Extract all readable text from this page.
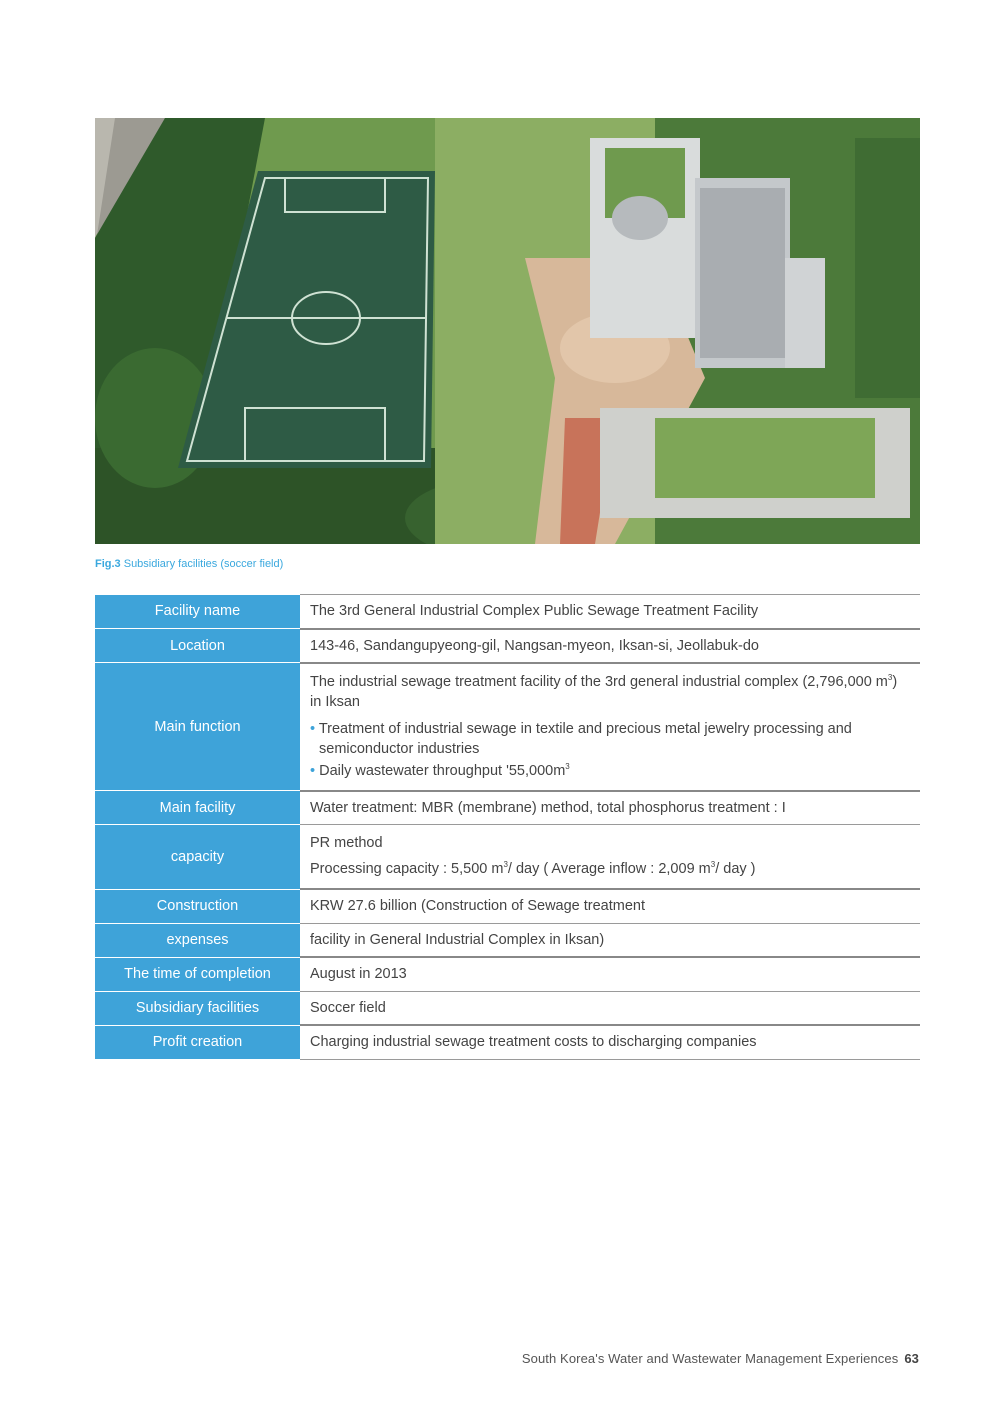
Fig.3 Subsidiary facilities (soccer field)
Facility name	The 3rd General Industrial Complex Public Sewage Treatment Facility
Location	143-46, Sandangupyeong-gil, Nangsan-myeon, Iksan-si, Jeollabuk-do
Main function	The industrial sewage treatment facility of the 3rd general industrial complex (2,796,000 $m^3$) in Iksan
• Treatment of industrial sewage in textile and precious metal jewelry processing and semiconductor industries
• Daily wastewater throughput '$55,000m^3$

Main facility	Water treatment: MBR (membrane) method, total phosphorus treatment : I
capacity	PR method
Processing capacity : 5,500 $m^3/$ day ( Average inflow : 2,009 $m^3/$ day )
Construction	KRW 27.6 billion (Construction of Sewage treatment
expenses	facility in General Industrial Complex in Iksan)
The time of completion	August in 2013
Subsidiary facilities	Soccer field
Profit creation	Charging industrial sewage treatment costs to discharging companies
South Korea's Water and Wastewater Management Experiences 63
